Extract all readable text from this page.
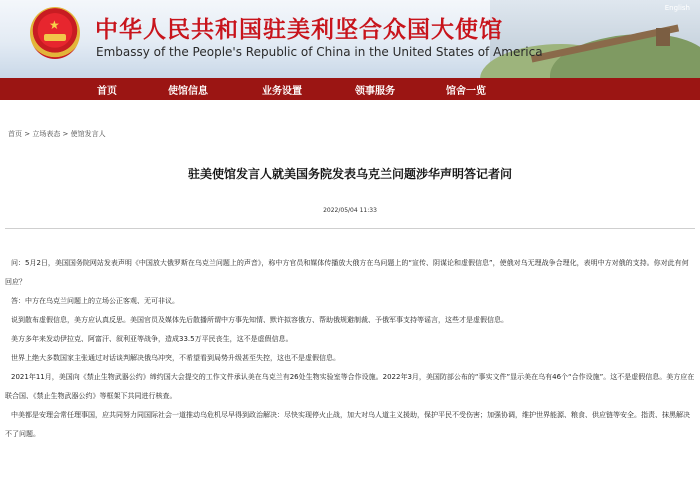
★ 中华人民共和国驻美利坚合众国大使馆
Embassy of the People's Republic of China in the United States of America
English
首页	使馆信息	业务设置	领事服务	馆舍一览
首页 > 立场表态 > 使馆发言人
驻美使馆发言人就美国务院发表乌克兰问题涉华声明答记者问
2022/05/04 11:33

问：5月2日，美国国务院网站发表声明《中国放大俄罗斯在乌克兰问题上的声音》，称中方官员和媒体传播放大俄方在乌问题上的“宣传、阴谋论和虚假信息”，使俄对乌无理战争合理化，表明中方对俄的支持。你对此有何回应？

答：中方在乌克兰问题上的立场公正客观、无可非议。

说到散布虚假信息，美方应认真反思。美国官员及媒体先后散播所谓中方事先知情、默许拟容俄方、帮助俄规避制裁、予俄军事支持等谣言，这些才是虚假信息。

美方多年来发动伊拉克、阿富汗、叙利亚等战争，造成33.5万平民丧生，这不是虚假信息。

世界上绝大多数国家主张通过对话谈判解决俄乌冲突，不希望看到局势升级甚至失控，这也不是虚假信息。

2021年11月，美国向《禁止生物武器公约》缔约国大会提交的工作文件承认美在乌克兰有26处生物实验室等合作设施。2022年3月，美国防部公布的“事实文件”显示美在乌有46个“合作设施”。这不是虚假信息。美方应在联合国、《禁止生物武器公约》等框架下共同进行核查。

中美都是安理会常任理事国，应共同努力同国际社会一道推动乌危机尽早得到政治解决：尽快实现停火止战，加大对乌人道主义援助，保护平民不受伤害；加强协调，维护世界能源、粮食、供应链等安全。指责、抹黑解决不了问题。
